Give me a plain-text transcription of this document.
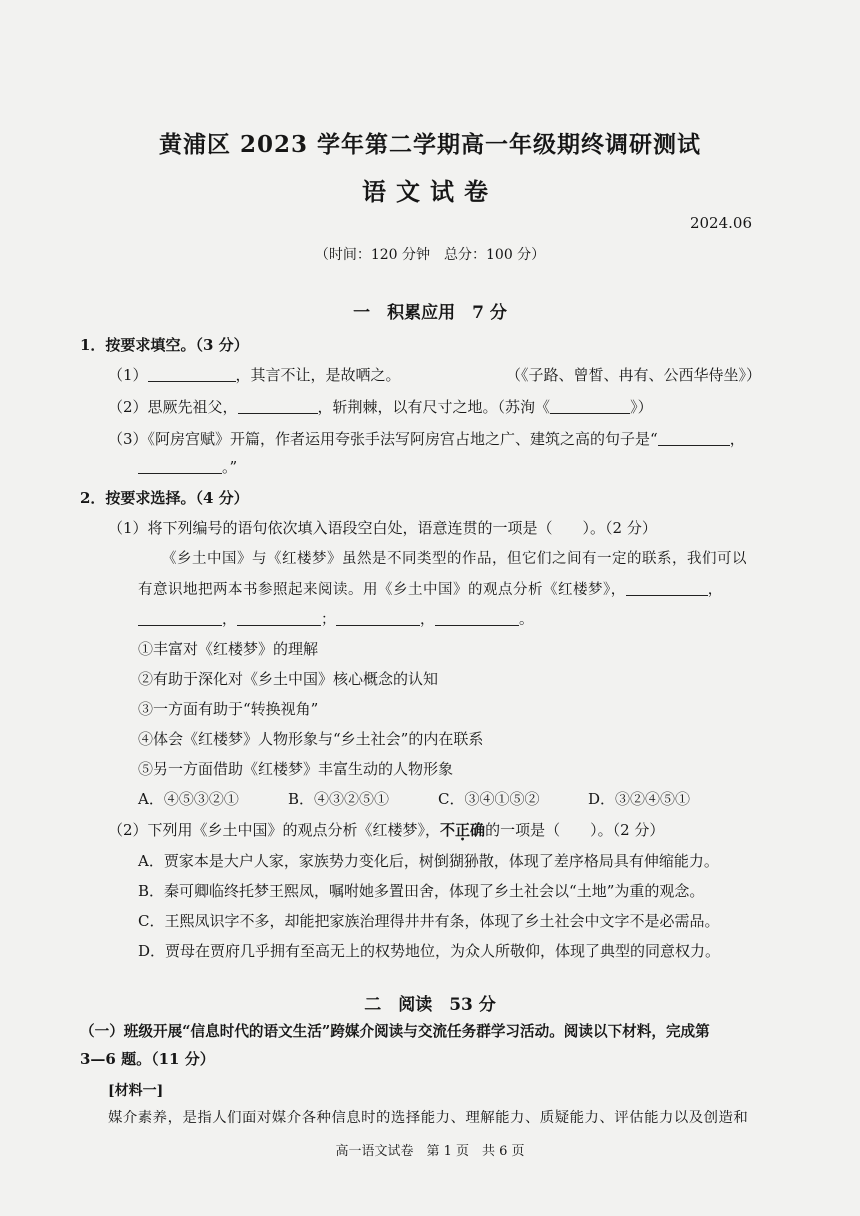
黄浦区 2023 学年第二学期高一年级期终调研测试
语文试卷
2024.06
（时间：120 分钟　总分：100 分）
一　积累应用　7 分
1．按要求填空。（3 分）
（1）	，其言不让，是故哂之。	（《子路、曾皙、冉有、公西华侍坐》）
（2）思厥先祖父，	，斩荆棘，以有尺寸之地。（苏洵《	》）
（3）《阿房宫赋》开篇，作者运用夸张手法写阿房宫占地之广、建筑之高的句子是“	，
。”
2．按要求选择。（4 分）
（1）将下列编号的语句依次填入语段空白处，语意连贯的一项是（　　）。（2 分）
《乡土中国》与《红楼梦》虽然是不同类型的作品，但它们之间有一定的联系，我们可以
有意识地把两本书参照起来阅读。用《乡土中国》的观点分析《红楼梦》，	，
，	；	，	。
①丰富对《红楼梦》的理解
②有助于深化对《乡土中国》核心概念的认知
③一方面有助于“转换视角”
④体会《红楼梦》人物形象与“乡土社会”的内在联系
⑤另一方面借助《红楼梦》丰富生动的人物形象
A．④⑤③②①	B．④③②⑤①	C．③④①⑤②	D．③②④⑤①
（2）下列用《乡土中国》的观点分析《红楼梦》，不正确的一项是（　　）。（2 分）
A．贾家本是大户人家，家族势力变化后，树倒猢狲散，体现了差序格局具有伸缩能力。
B．秦可卿临终托梦王熙凤，嘱咐她多置田舍，体现了乡土社会以“土地”为重的观念。
C．王熙凤识字不多，却能把家族治理得井井有条，体现了乡土社会中文字不是必需品。
D．贾母在贾府几乎拥有至高无上的权势地位，为众人所敬仰，体现了典型的同意权力。
二　阅读　53 分
（一）班级开展“信息时代的语文生活”跨媒介阅读与交流任务群学习活动。阅读以下材料，完成第
3—6 题。（11 分）
[材料一]
媒介素养，是指人们面对媒介各种信息时的选择能力、理解能力、质疑能力、评估能力以及创造和
高一语文试卷　第 1 页　共 6 页
